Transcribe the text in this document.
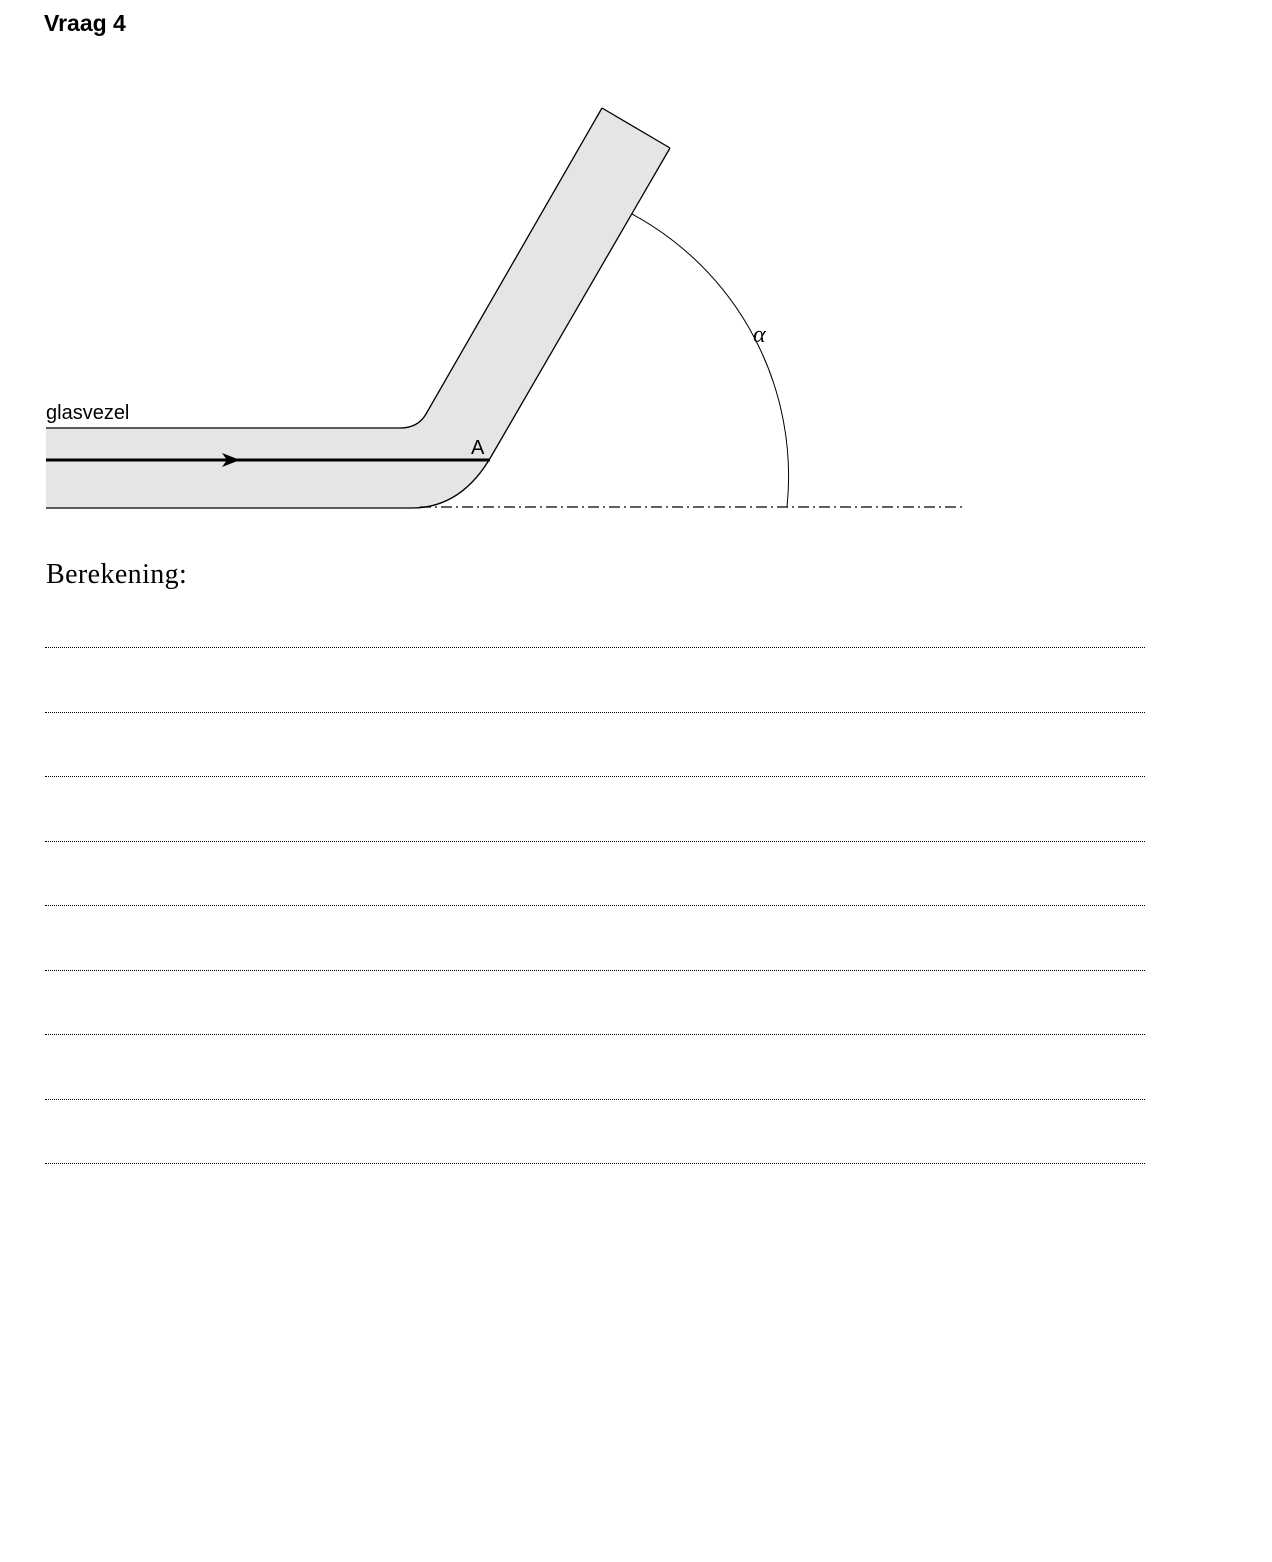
Vraag 4
glasvezel
A
α
Berekening:
